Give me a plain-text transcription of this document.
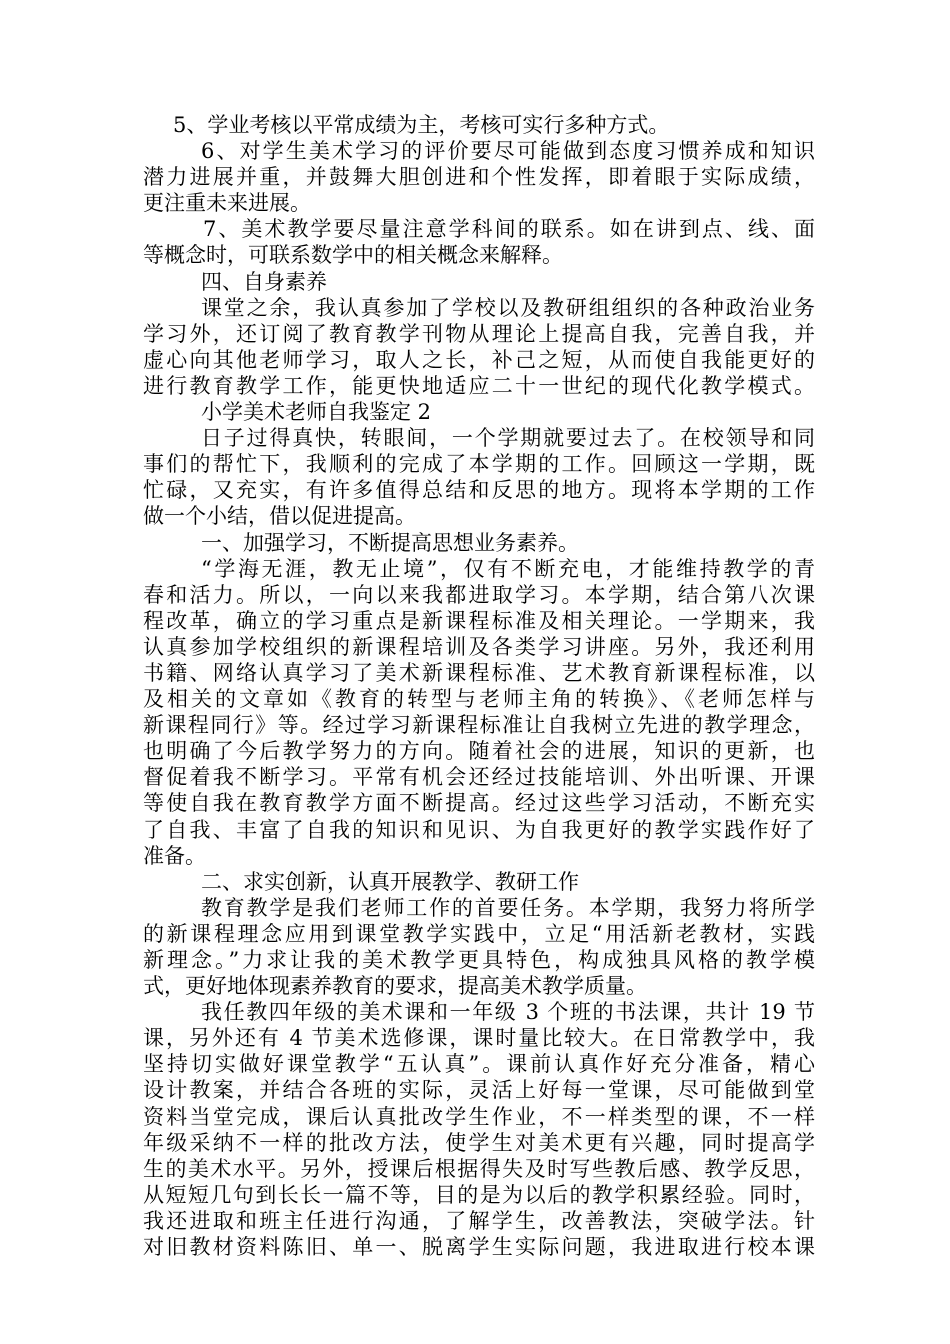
5、学业考核以平常成绩为主，考核可实行多种方式。
6、对学生美术学习的评价要尽可能做到态度习惯养成和知识
潜力进展并重，并鼓舞大胆创进和个性发挥，即着眼于实际成绩，
更注重未来进展。
7、美术教学要尽量注意学科间的联系。如在讲到点、线、面
等概念时，可联系数学中的相关概念来解释。
四、自身素养
课堂之余，我认真参加了学校以及教研组组织的各种政治业务
学习外，还订阅了教育教学刊物从理论上提高自我，完善自我，并
虚心向其他老师学习，取人之长，补己之短，从而使自我能更好的
进行教育教学工作，能更快地适应二十一世纪的现代化教学模式。
小学美术老师自我鉴定 2
日子过得真快，转眼间，一个学期就要过去了。在校领导和同
事们的帮忙下，我顺利的完成了本学期的工作。回顾这一学期，既
忙碌，又充实，有许多值得总结和反思的地方。现将本学期的工作
做一个小结，借以促进提高。
一、加强学习，不断提高思想业务素养。
“学海无涯，教无止境”，仅有不断充电，才能维持教学的青
春和活力。所以，一向以来我都进取学习。本学期，结合第八次课
程改革，确立的学习重点是新课程标准及相关理论。一学期来，我
认真参加学校组织的新课程培训及各类学习讲座。另外，我还利用
书籍、网络认真学习了美术新课程标准、艺术教育新课程标准，以
及相关的文章如《教育的转型与老师主角的转换》、《老师怎样与
新课程同行》等。经过学习新课程标准让自我树立先进的教学理念，
也明确了今后教学努力的方向。随着社会的进展，知识的更新，也
督促着我不断学习。平常有机会还经过技能培训、外出听课、开课
等使自我在教育教学方面不断提高。经过这些学习活动，不断充实
了自我、丰富了自我的知识和见识、为自我更好的教学实践作好了
准备。
二、求实创新，认真开展教学、教研工作
教育教学是我们老师工作的首要任务。本学期，我努力将所学
的新课程理念应用到课堂教学实践中，立足“用活新老教材，实践
新理念。”力求让我的美术教学更具特色，构成独具风格的教学模
式，更好地体现素养教育的要求，提高美术教学质量。
我任教四年级的美术课和一年级 3 个班的书法课，共计 19 节
课，另外还有 4 节美术选修课，课时量比较大。在日常教学中，我
坚持切实做好课堂教学“五认真”。课前认真作好充分准备，精心
设计教案，并结合各班的实际，灵活上好每一堂课，尽可能做到堂
资料当堂完成，课后认真批改学生作业，不一样类型的课，不一样
年级采纳不一样的批改方法，使学生对美术更有兴趣，同时提高学
生的美术水平。另外，授课后根据得失及时写些教后感、教学反思，
从短短几句到长长一篇不等，目的是为以后的教学积累经验。同时，
我还进取和班主任进行沟通，了解学生，改善教法，突破学法。针
对旧教材资料陈旧、单一、脱离学生实际问题，我进取进行校本课
